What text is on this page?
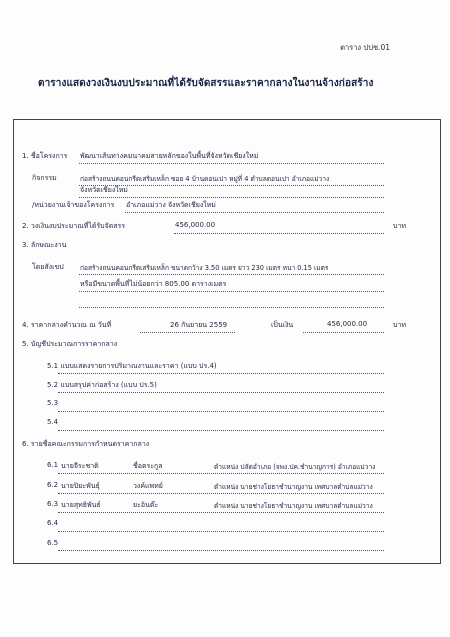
ตาราง ปปช.01
ตารางแสดงวงเงินงบประมาณที่ได้รับจัดสรรและราคากลางในงานจ้างก่อสร้าง
1. ชื่อโครงการ พัฒนาเส้นทางคมนาคมสายหลักของในพื้นที่จังหวัดเชียงใหม่
กิจกรรม	ก่อสร้างถนนคอนกรีตเสริมเหล็ก ซอย 4 บ้านดอนเปา หมู่ที่ 4 ตำบลดอนเปา อำเภอแม่วาง
จังหวัดเชียงใหม่
/หน่วยงานเจ้าของโครงการ อำเภอแม่วาง จังหวัดเชียงใหม่
2. วงเงินงบประมาณที่ได้รับจัดสรร	456,000.00	บาท
3. ลักษณะงาน
โดยสังเขป ก่อสร้างถนนคอนกรีตเสริมเหล็ก ขนาดกว้าง 3.50 เมตร ยาว 230 เมตร หนา 0.15 เมตร
หรือมีขนาดพื้นที่ไม่น้อยกว่า 805.00 ตารางเมตร
4. ราคากลางคำนวณ ณ วันที่	26 กันยายน 2559	เป็นเงิน	456,000.00	บาท
5. บัญชีประมาณการราคากลาง
5.1 แบบแสดงรายการปริมาณงานและราคา (แบบ ปร.4)
5.2 แบบสรุปค่าก่อสร้าง (แบบ ปร.5)
5.3
5.4
6. รายชื่อคณะกรรมการกำหนดราคากลาง
6.1 นายจีระชาติ	ชื่อตระกูล	ตำแหน่ง ปลัดอำเภอ (จพง.ปค.ชำนาญการ) อำเภอแม่วาง
6.2 นายปิยะพันธุ์	วงค์แพทย์	ตำแหน่ง นายช่างโยธาชำนาญงาน เทศบาลตำบลแม่วาง
6.3 นายสุทธิพันธ์	ยะอินต๊ะ	ตำแหน่ง นายช่างโยธาชำนาญงาน เทศบาลตำบลแม่วาง
6.4
6.5
